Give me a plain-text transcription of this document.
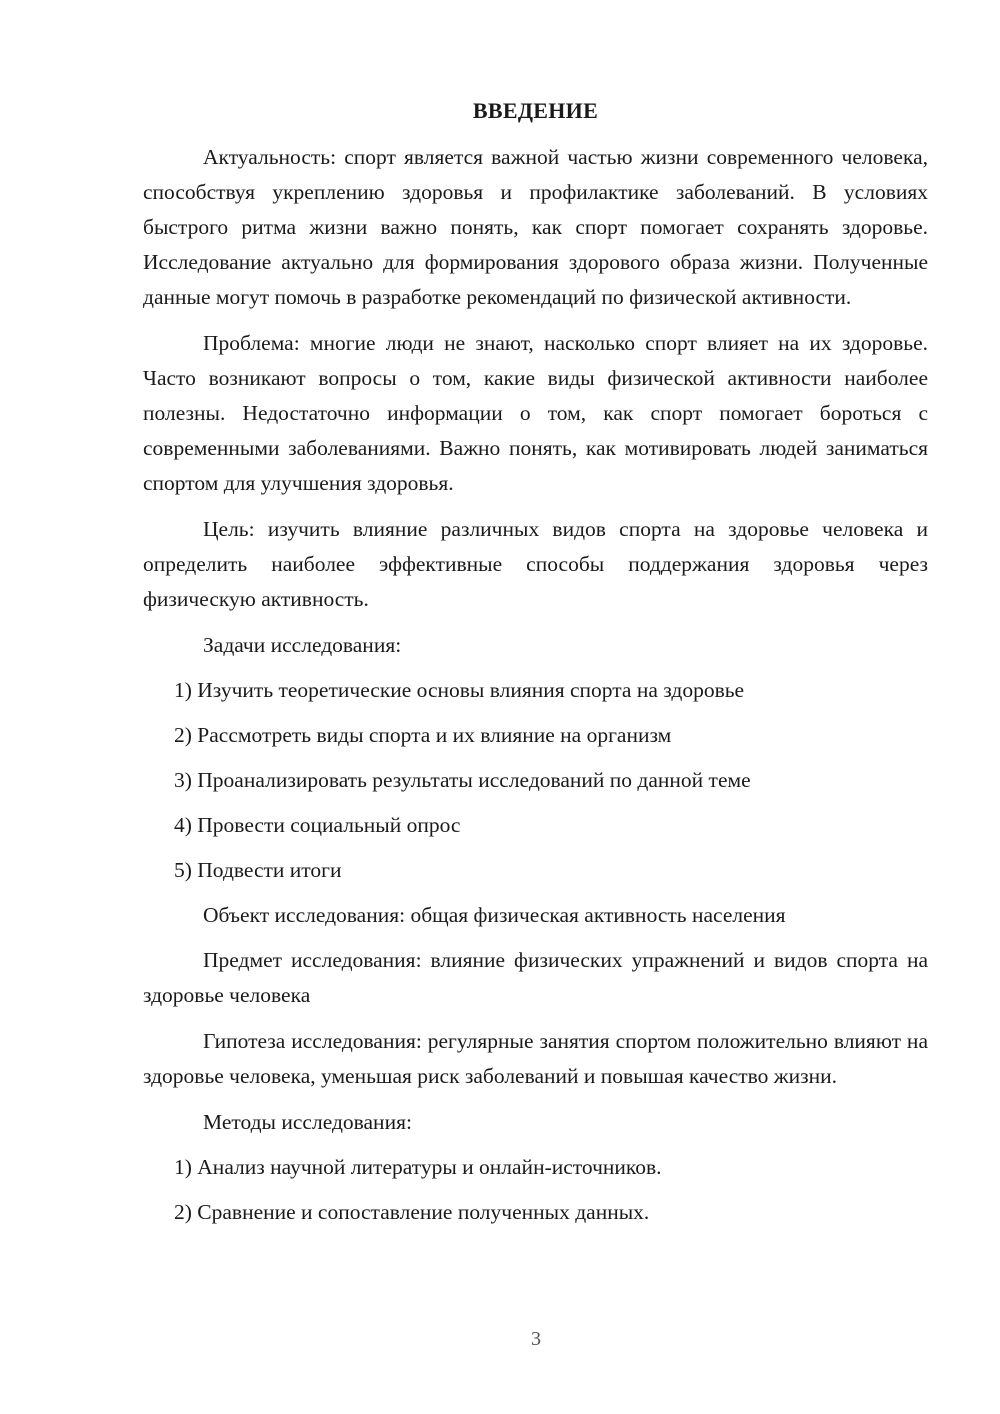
ВВЕДЕНИЕ

Актуальность: спорт является важной частью жизни современного человека, способствуя укреплению здоровья и профилактике заболеваний. В условиях быстрого ритма жизни важно понять, как спорт помогает сохранять здоровье. Исследование актуально для формирования здорового образа жизни. Полученные данные могут помочь в разработке рекомендаций по физической активности.

Проблема: многие люди не знают, насколько спорт влияет на их здоровье. Часто возникают вопросы о том, какие виды физической активности наиболее полезны. Недостаточно информации о том, как спорт помогает бороться с современными заболеваниями. Важно понять, как мотивировать людей заниматься спортом для улучшения здоровья.

Цель: изучить влияние различных видов спорта на здоровье человека и определить наиболее эффективные способы поддержания здоровья через физическую активность.

Задачи исследования:
1) Изучить теоретические основы влияния спорта на здоровье
2) Рассмотреть виды спорта и их влияние на организм
3) Проанализировать результаты исследований по данной теме
4) Провести социальный опрос
5) Подвести итоги
Объект исследования: общая физическая активность населения

Предмет исследования: влияние физических упражнений и видов спорта на здоровье человека

Гипотеза исследования: регулярные занятия спортом положительно влияют на здоровье человека, уменьшая риск заболеваний и повышая качество жизни.

Методы исследования:
1) Анализ научной литературы и онлайн-источников.
2) Сравнение и сопоставление полученных данных.
3
